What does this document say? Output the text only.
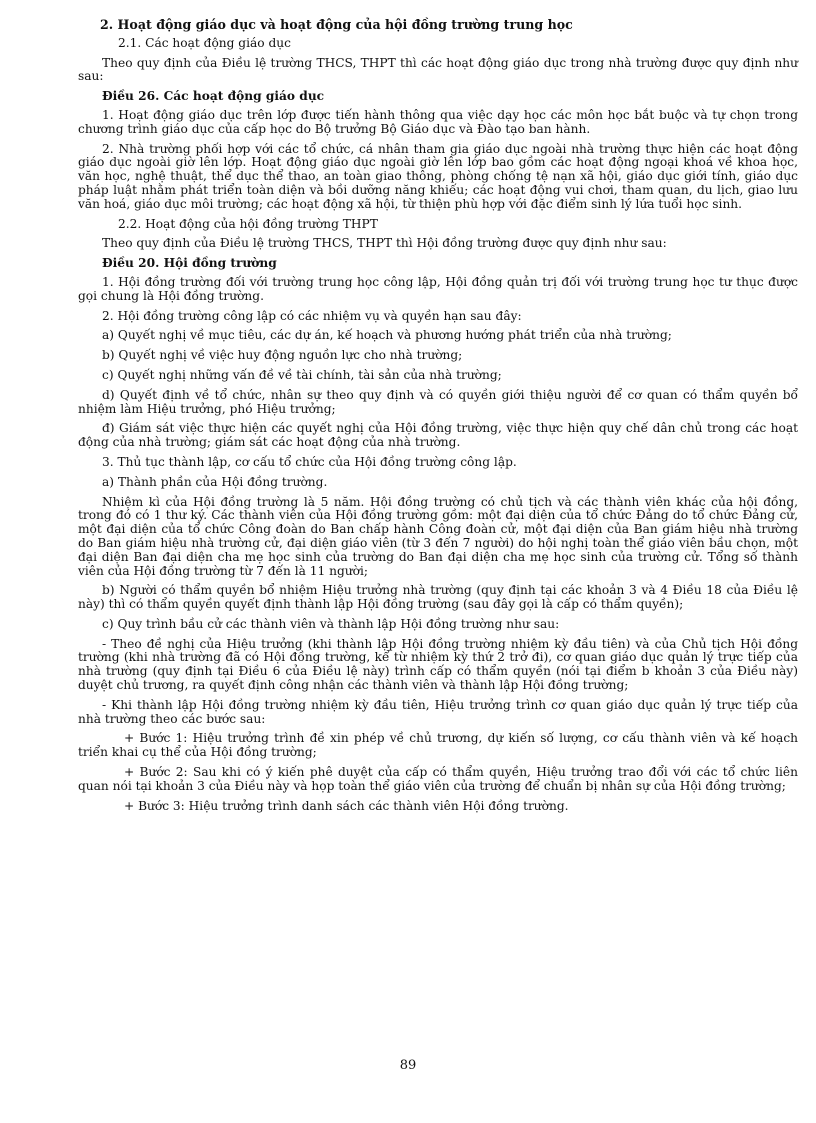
2. Hoạt động giáo dục và hoạt động của hội đồng trường trung học

2.1. Các hoạt động giáo dục

Theo quy định của Điều lệ trường THCS, THPT thì các hoạt động giáo dục trong nhà trường được quy định như sau:

Điều 26. Các hoạt động giáo dục

1. Hoạt động giáo dục trên lớp được tiến hành thông qua việc dạy học các môn học bắt buộc và tự chọn trong chương trình giáo dục của cấp học do Bộ trưởng Bộ Giáo dục và Đào tạo ban hành.

2. Nhà trường phối hợp với các tổ chức, cá nhân tham gia giáo dục ngoài nhà trường thực hiện các hoạt động giáo dục ngoài giờ lên lớp. Hoạt động giáo dục ngoài giờ lên lớp bao gồm các hoạt động ngoại khoá về khoa học, văn học, nghệ thuật, thể dục thể thao, an toàn giao thông, phòng chống tệ nạn xã hội, giáo dục giới tính, giáo dục pháp luật nhằm phát triển toàn diện và bồi dưỡng năng khiếu; các hoạt động vui chơi, tham quan, du lịch, giao lưu văn hoá, giáo dục môi trường; các hoạt động xã hội, từ thiện phù hợp với đặc điểm sinh lý lứa tuổi học sinh.

2.2. Hoạt động của hội đồng trường THPT

Theo quy định của Điều lệ trường THCS, THPT thì Hội đồng trường được quy định như sau:

Điều 20. Hội đồng trường

1. Hội đồng trường đối với trường trung học công lập, Hội đồng quản trị đối với trường trung học tư thục được gọi chung là Hội đồng trường.

2. Hội đồng trường công lập có các nhiệm vụ và quyền hạn sau đây:

a) Quyết nghị về mục tiêu, các dự án, kế hoạch và phương hướng phát triển của nhà trường;

b) Quyết nghị về việc huy động nguồn lực cho nhà trường;

c) Quyết nghị những vấn đề về tài chính, tài sản của nhà trường;

d) Quyết định về tổ chức, nhân sự theo quy định và có quyền giới thiệu người để cơ quan có thẩm quyền bổ nhiệm làm Hiệu trưởng, phó Hiệu trưởng;

đ) Giám sát việc thực hiện các quyết nghị của Hội đồng trường, việc thực hiện quy chế dân chủ trong các hoạt động của nhà trường; giám sát các hoạt động của nhà trường.

3. Thủ tục thành lập, cơ cấu tổ chức của Hội đồng trường công lập.

a) Thành phần của Hội đồng trường.

Nhiệm kì của Hội đồng trường là 5 năm. Hội đồng trường có chủ tịch và các thành viên khác của hội đồng, trong đó có 1 thư ký. Các thành viên của Hội đồng trường gồm: một đại diện của tổ chức Đảng do tổ chức Đảng cử, một đại diện của tổ chức Công đoàn do Ban chấp hành Công đoàn cử, một đại diện của Ban giám hiệu nhà trường do Ban giám hiệu nhà trường cử, đại diện giáo viên (từ 3 đến 7 người) do hội nghị toàn thể giáo viên bầu chọn, một đại diện Ban đại diện cha mẹ học sinh của trường do Ban đại diện cha mẹ học sinh của trường cử. Tổng số thành viên của Hội đồng trường từ 7 đến là 11 người;

b) Người có thẩm quyền bổ nhiệm Hiệu trưởng nhà trường (quy định tại các khoản 3 và 4 Điều 18 của Điều lệ này) thì có thẩm quyền quyết định thành lập Hội đồng trường (sau đây gọi là cấp có thẩm quyền);

c) Quy trình bầu cử các thành viên và thành lập Hội đồng trường như sau:

- Theo đề nghị của Hiệu trưởng (khi thành lập Hội đồng trường nhiệm kỳ đầu tiên) và của Chủ tịch Hội đồng trường (khi nhà trường đã có Hội đồng trường, kể từ nhiệm kỳ thứ 2 trở đi), cơ quan giáo dục quản lý trực tiếp của nhà trường (quy định tại Điều 6 của Điều lệ này) trình cấp có thẩm quyền (nói tại điểm b khoản 3 của Điều này) duyệt chủ trương, ra quyết định công nhận các thành viên và thành lập Hội đồng trường;

- Khi thành lập Hội đồng trường nhiệm kỳ đầu tiên, Hiệu trưởng trình cơ quan giáo dục quản lý trực tiếp của nhà trường theo các bước sau:

+ Bước 1: Hiệu trưởng trình đề xin phép về chủ trương, dự kiến số lượng, cơ cấu thành viên và kế hoạch triển khai cụ thể của Hội đồng trường;

+ Bước 2: Sau khi có ý kiến phê duyệt của cấp có thẩm quyền, Hiệu trưởng trao đổi với các tổ chức liên quan nói tại khoản 3 của Điều này và họp toàn thể giáo viên của trường để chuẩn bị nhân sự của Hội đồng trường;

+ Bước 3: Hiệu trưởng trình danh sách các thành viên Hội đồng trường.

89
